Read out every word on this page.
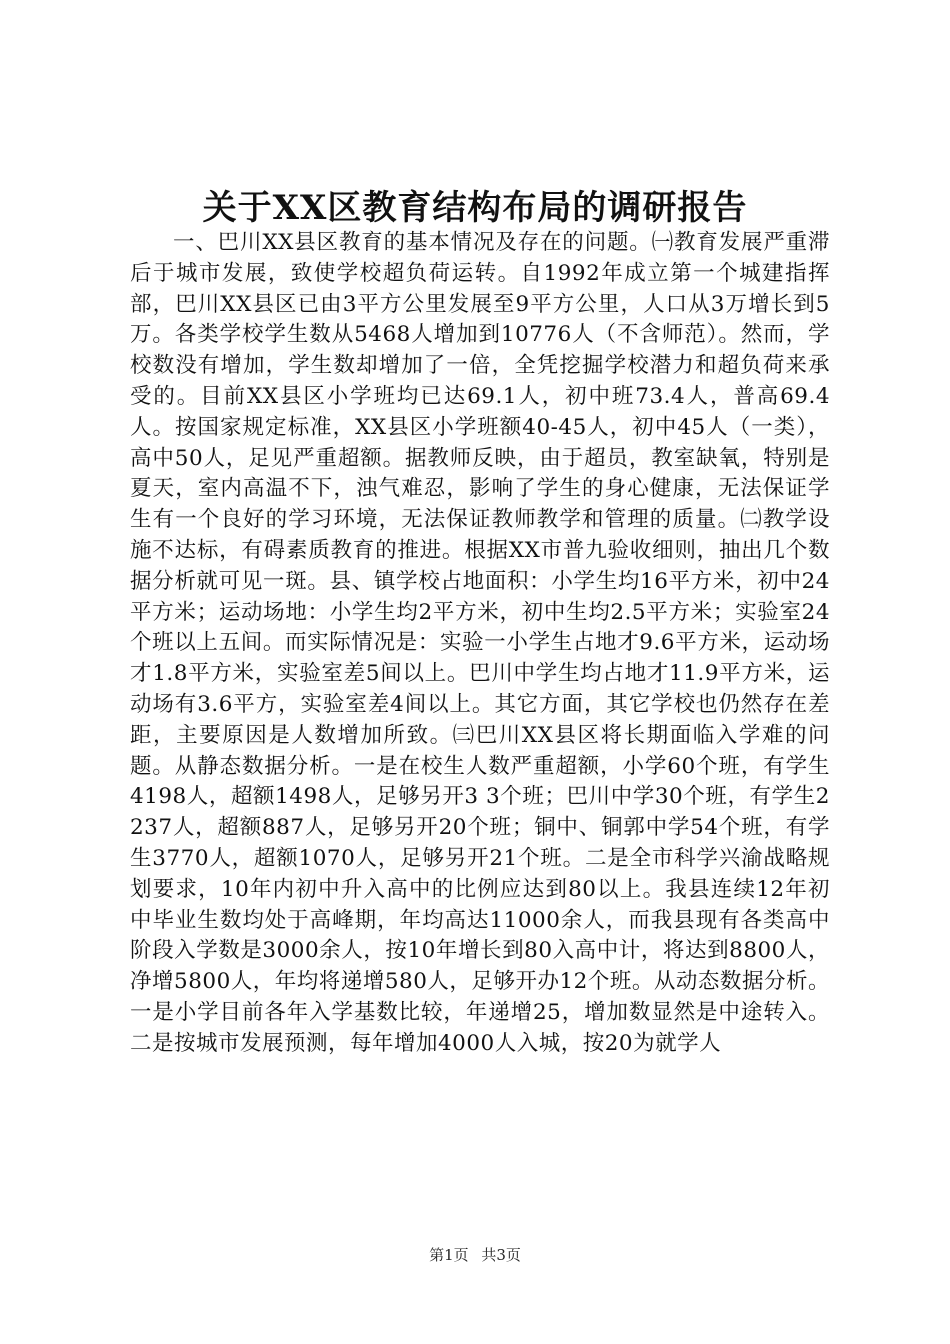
关于XX区教育结构布局的调研报告

一、巴川XX县区教育的基本情况及存在的问题。㈠教育发展严重滞后于城市发展，致使学校超负荷运转。自1992年成立第一个城建指挥部，巴川XX县区已由3平方公里发展至9平方公里，人口从3万增长到5万。各类学校学生数从5468人增加到10776人（不含师范）。然而，学校数没有增加，学生数却增加了一倍，全凭挖掘学校潜力和超负荷来承受的。目前XX县区小学班均已达69.1人，初中班73.4人，普高69.4人。按国家规定标准，XX县区小学班额40-45人，初中45人（一类），高中50人，足见严重超额。据教师反映，由于超员，教室缺氧，特别是夏天，室内高温不下，浊气难忍，影响了学生的身心健康，无法保证学生有一个良好的学习环境，无法保证教师教学和管理的质量。㈡教学设施不达标，有碍素质教育的推进。根据XX市普九验收细则，抽出几个数据分析就可见一斑。县、镇学校占地面积：小学生均16平方米，初中24平方米；运动场地：小学生均2平方米，初中生均2.5平方米；实验室24个班以上五间。而实际情况是：实验一小学生占地才9.6平方米，运动场才1.8平方米，实验室差5间以上。巴川中学生均占地才11.9平方米，运动场有3.6平方，实验室差4间以上。其它方面，其它学校也仍然存在差距，主要原因是人数增加所致。㈢巴川XX县区将长期面临入学难的问题。从静态数据分析。一是在校生人数严重超额，小学60个班，有学生4198人，超额1498人，足够另开3 3个班；巴川中学30个班，有学生2237人，超额887人，足够另开20个班；铜中、铜郭中学54个班，有学生3770人，超额1070人，足够另开21个班。二是全市科学兴渝战略规划要求，10年内初中升入高中的比例应达到80以上。我县连续12年初中毕业生数均处于高峰期，年均高达11000余人，而我县现有各类高中阶段入学数是3000余人，按10年增长到80入高中计，将达到8800人，净增5800人，年均将递增580人，足够开办12个班。从动态数据分析。一是小学目前各年入学基数比较，年递增25，增加数显然是中途转入。二是按城市发展预测，每年增加4000人入城，按20为就学人

第1页 共3页
